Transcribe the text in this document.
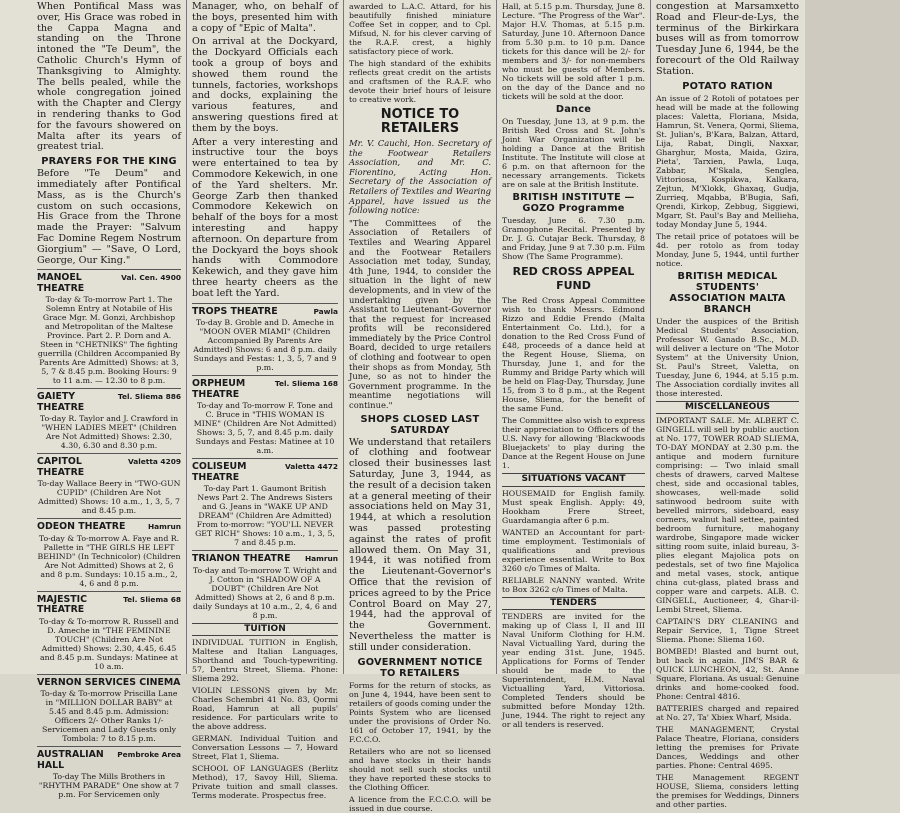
When Pontifical Mass was over, His Grace was robed in the Cappa Magna and standing on the Throne intoned the "Te Deum", the Catholic Church's Hymn of Thanksgiving to Almighty. The bells pealed, while the whole congregation joined with the Chapter and Clergy in rendering thanks to God for the favours showered on Malta after its years of greatest trial.

PRAYERS FOR THE KING

Before "Te Deum" and immediately after Pontifical Mass, as is the Church's custom on such occasions, His Grace from the Throne made the Prayer: "Salvum Fac Domine Regem Nostrum Giorgium" — "Save, O Lord, George, Our King."

Val. Cen. 4900
MANOEL THEATRE

To-day & To-morrow Part 1. The Solemn Entry at Notabile of His Grace Mgr. M. Gonzi, Archbishop and Metropolitan of the Maltese Province. Part 2. P. Dorn and A. Steen in "CHETNIKS" The fighting guerrilla (Children Accompanied By Parents Are Admitted) Shows: at 3, 5, 7 & 8.45 p.m. Booking Hours: 9 to 11 a.m. — 12.30 to 8 p.m.

Tel. Sliema 886
GAIETY THEATRE

To-day R. Taylor and J. Crawford in "WHEN LADIES MEET" (Children Are Not Admitted) Shows: 2.30, 4.30, 6.30 and 8.30 p.m.

Valetta 4209
CAPITOL THEATRE

To-day Wallace Beery in "TWO-GUN CUPID" (Children Are Not Admitted) Shows: 10 a.m., 1, 3, 5, 7 and 8.45 p.m.

Hamrun
ODEON THEATRE

To-day & To-morrow A. Faye and R. Pallette in "THE GIRLS HE LEFT BEHIND" (In Technicolor) (Children Are Not Admitted) Shows at 2, 6 and 8 p.m. Sundays: 10.15 a.m., 2, 4, 6 and 8 p.m.

Tel. Sliema 68
MAJESTIC THEATRE

To-day & To-morrow R. Russell and D. Ameche in "THE FEMININE TOUCH" (Children Are Not Admitted) Shows: 2.30, 4.45, 6.45 and 8.45 p.m. Sundays: Matinee at 10 a.m.

VERNON SERVICES CINEMA

To-day & To-morrow Priscilla Lane in "MILLION DOLLAR BABY" at 5.45 and 8.45 p.m. Admission: Officers 2/- Other Ranks 1/- Servicemen and Lady Guests only Tombola: 7 to 8.15 p.m.

Pembroke Area
AUSTRALIAN HALL

To-day The Mills Brothers in "RHYTHM PARADE" One show at 7 p.m. For Servicemen only

Manager, who, on behalf of the boys, presented him with a copy of "Epic of Malta".

On arrival at the Dockyard, the Dockyard Officials each took a group of boys and showed them round the tunnels, factories, workshops and docks, explaining the various features, and answering questions fired at them by the boys.

After a very interesting and instructive tour the boys were entertained to tea by Commodore Kekewich, in one of the Yard shelters. Mr. George Zarb then thanked Commodore Kekewich on behalf of the boys for a most interesting and happy afternoon. On departure from the Dockyard the boys shook hands with Commodore Kekewich, and they gave him three hearty cheers as the boat left the Yard.

Pawla
TROPS THEATRE

To-day B. Groble and D. Ameche in "MOON OVER MIAMI" (Children Accompanied By Parents Are Admitted) Shows: 6 and 8 p.m. daily Sundays and Festas: 1, 3, 5, 7 and 9 p.m.

Tel. Sliema 168
ORPHEUM THEATRE

To-day and To-morrow F. Tone and C. Bruce in "THIS WOMAN IS MINE" (Children Are Not Admitted) Shows: 3, 5, 7, and 8.45 p.m. daily Sundays and Festas: Matinee at 10 a.m.

Valetta 4472
COLISEUM THEATRE

To-day Part 1. Gaumont British News Part 2. The Andrews Sisters and G. Jeans in "WAKE UP AND DREAM" (Children Are Admitted) From to-morrow: "YOU'LL NEVER GET RICH" Shows: 10 a.m., 1, 3, 5, 7 and 8.45 p.m.

Hamrun
TRIANON THEATRE

To-day and To-morrow T. Wright and J. Cotton in "SHADOW OF A DOUBT" (Children Are Not Admitted) Shows at 2, 6 and 8 p.m. daily Sundays at 10 a.m., 2, 4, 6 and 8 p.m.

TUITION

INDIVIDUAL TUITION in English, Maltese and Italian Languages, Shorthand and Touch-typewriting. 57, Dentru Street, Sliema. Phone: Sliema 292.

VIOLIN LESSONS given by Mr. Charles Schembri 41 No. 83, Qormi Road, Hamrun at all pupils' residence. For particulars write to the above address.

GERMAN. Individual Tuition and Conversation Lessons — 7, Howard Street, Flat 1, Sliema.

SCHOOL OF LANGUAGES (Berlitz Method), 17, Savoy Hill, Sliema. Private tuition and small classes. Terms moderate. Prospectus free.

awarded to L.A.C. Attard, for his beautifully finished miniature Coffee Set in copper, and to Cpl. Mifsud, N. for his clever carving of the R.A.F. crest, a highly satisfactory piece of work.

The high standard of the exhibits reflects great credit on the artists and craftsmen of the R.A.F. who devote their brief hours of leisure to creative work.

NOTICE TO RETAILERS

Mr. V. Cauchi, Hon. Secretary of the Footwear Retailers Association, and Mr. C. Fiorentino, Acting Hon. Secretary of the Association of Retailers of Textiles and Wearing Apparel, have issued us the following notice:

"The Committees of the Association of Retailers of Textiles and Wearing Apparel and the Footwear Retailers Association met today, Sunday, 4th June, 1944, to consider the situation in the light of new developments, and in view of the undertaking given by the Assistant to Lieutenant-Governor that the request for increased profits will be reconsidered immediately by the Price Control Board, decided to urge retailers of clothing and footwear to open their shops as from Monday, 5th June, so as not to hinder the Government programme. In the meantime negotiations will continue."

SHOPS CLOSED LAST SATURDAY

We understand that retailers of clothing and footwear closed their businesses last Saturday, June 3, 1944, as the result of a decision taken at a general meeting of their associations held on May 31, 1944, at which a resolution was passed protesting against the rates of profit allowed them. On May 31, 1944, it was notified from the Lieutenant-Governor's Office that the revision of prices agreed to by the Price Control Board on May 27, 1944, had the approval of the Government. Nevertheless the matter is still under consideration.

GOVERNMENT NOTICE TO RETAILERS

Forms for the return of stocks, as on June 4, 1944, have been sent to retailers of goods coming under the Points System who are licensed under the provisions of Order No. 161 of October 17, 1941, by the F.C.C.O.

Retailers who are not so licensed and have stocks in their hands should not sell such stocks until they have reported these stocks to the Clothing Officer.

A licence from the F.C.C.O. will be issued in due course.

Hall, at 5.15 p.m. Thursday, June 8. Lecture. "The Progress of the War". Major H.V. Thomas, at 5.15 p.m. Saturday, June 10. Afternoon Dance from 5.30 p.m. to 10 p.m. Dance tickets for this dance will be 2/- for members and 3/- for non-members who must be guests of Members. No tickets will be sold after 1 p.m. on the day of the Dance and no tickets will be sold at the door.

Dance

On Tuesday, June 13, at 9 p.m. the British Red Cross and St. John's Joint War Organization will be holding a Dance at the British Institute. The Institute will close at 6 p.m. on that afternoon for the necessary arrangements. Tickets are on sale at the British Institute.

BRITISH INSTITUTE — GOZO Programme

Tuesday, June 6. 7.30 p.m. Gramophone Recital. Presented by Dr. J. G. Cutajar Beck. Thursday, 8 and Friday, June 9 at 7.30 p.m. Film Show (The Same Programme).

RED CROSS APPEAL FUND

The Red Cross Appeal Committee wish to thank Messrs. Edmond Rizzo and Eddie Frendo (Malta Entertainment Co. Ltd.), for a donation to the Red Cross Fund of £48, proceeds of a dance held at the Regent House, Sliema, on Thursday, June 1, and for the Rummy and Bridge Party which will be held on Flag-Day, Thursday, June 15, from 3 to 8 p.m., at the Regent House, Sliema, for the benefit of the same Fund.

The Committee also wish to express their appreciation to Officers of the U.S. Navy for allowing 'Blackwoods Bluejackets' to play during the Dance at the Regent House on June 1.

SITUATIONS VACANT

HOUSEMAID for English family. Must speak English. Apply: 49, Hookham Frere Street, Guardamangia after 6 p.m.

WANTED an Accountant for part-time employment. Testimonials of qualifications and previous experience essential. Write to Box 3260 c/o Times of Malta.

RELIABLE NANNY wanted. Write to Box 3262 c/o Times of Malta.

TENDERS

TENDERS are invited for the making up of Class I, II and III Naval Uniform Clothing for H.M. Naval Victualling Yard, during the year ending 31st. June, 1945. Applications for Forms of Tender should be made to the Superintendent, H.M. Naval Victualling Yard, Vittoriosa. Completed Tenders should be submitted before Monday 12th. June, 1944. The right to reject any or all tenders is reserved.

congestion at Marsamxetto Road and Fleur-de-Lys, the terminus of the Birkirkara buses will as from tomorrow Tuesday June 6, 1944, be the forecourt of the Old Railway Station.

POTATO RATION

An issue of 2 Rotoli of potatoes per head will be made at the following places: Valetta, Floriana, Msida, Hamrun, St. Venera, Qormi, Sliema, St. Julian's, B'Kara, Balzan, Attard, Lija, Rabat, Dingli, Naxxar, Gharghur, Mosta, Maida, Gzira, Pieta', Tarxien, Pawla, Luqa, Zabbar, M'Skala, Senglea, Vittoriosa, Kospikwa, Kalkara, Zejtun, M'Xlokk, Ghaxaq, Gudja, Zurrieq, Mqabba, B'Bugia, Safi, Qrendi, Kirkop, Zebbug, Siggiewi, Mgarr, St. Paul's Bay and Mellieha, today Monday June 5, 1944.

The retail price of potatoes will be 4d. per rotolo as from today Monday, June 5, 1944, until further notice.

BRITISH MEDICAL STUDENTS' ASSOCIATION MALTA BRANCH

Under the auspices of the British Medical Students' Association, Professor W. Ganado B.Sc., M.D. will deliver a lecture on "The Motor System" at the University Union, St. Paul's Street, Valetta, on Tuesday, June 6, 1944, at 5.15 p.m. The Association cordially invites all those interested.

MISCELLANEOUS

IMPORTANT SALE. Mr. ALBERT C. GINGELL will sell by public auction at No. 177, TOWER ROAD SLIEMA, TO-DAY MONDAY at 2.30 p.m. the antique and modern furniture comprising: — Two inlaid small chests of drawers, carved Maltese chest, side and occasional tables, showcases, well-made solid satinwood bedroom suite with bevelled mirrors, sideboard, easy corners, walnut hall settee, painted bedroom furniture, mahogany wardrobe, Singapore made wicker sitting room suite, inlaid bureau, 3-plies elegant Majolica pots on pedestals, set of two fine Majolica and metal vases, stock, antique china cut-glass, plated brass and copper ware and carpets. ALB. C. GINGELL, Auctioneer, 4, Ghar-il-Lembi Street, Sliema.

CAPTAIN'S DRY CLEANING and Repair Service, 1, Tigne Street Sliema. Phone: Sliema 160.

BOMBED! Blasted and burnt out, but back in again. JIM'S BAR & QUICK LUNCHEON, 42, St. Anne Square, Floriana. As usual: Genuine drinks and home-cooked food. Phone: Central 4816.

BATTERIES charged and repaired at No. 27, Ta' Xbiex Wharf, Msida.

THE MANAGEMENT, Crystal Palace Theatre, Floriana, considers letting the premises for Private Dances, Weddings and other parties. Phone: Central 4695.

THE Management REGENT HOUSE, Sliema, considers letting the premises for Weddings, Dinners and other parties.
